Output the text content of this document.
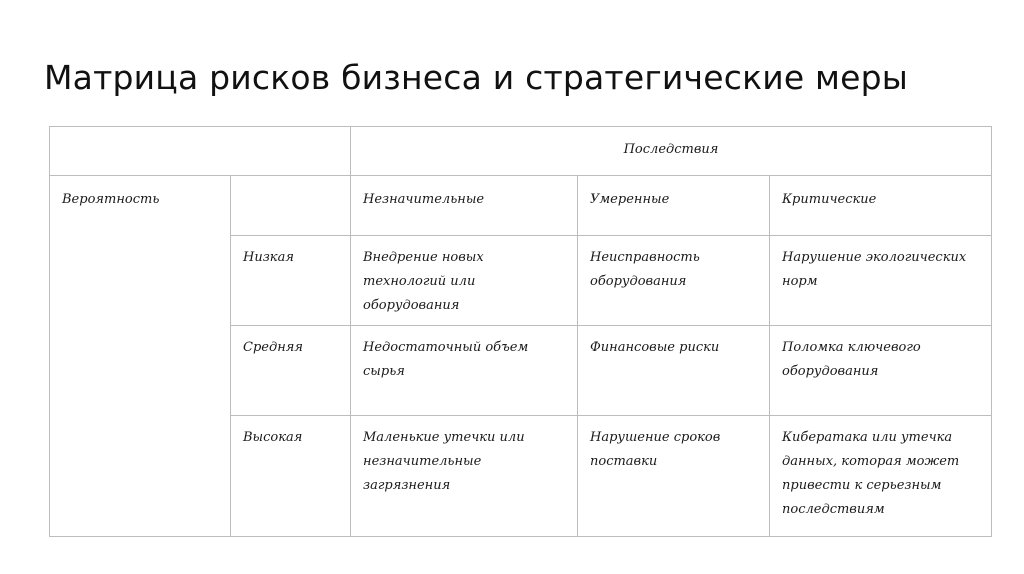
Матрица рисков бизнеса и стратегические меры
		Последствия		
Вероятность		Незначительные	Умеренные	Критические
	Низкая	Внедрение новых технологий или оборудования	Неисправность оборудования	Нарушение экологических норм
	Средняя	Недостаточный объем сырья	Финансовые риски	Поломка ключевого оборудования
	Высокая	Маленькие утечки или незначительные загрязнения	Нарушение сроков поставки	Кибератака или утечка данных, которая может привести к серьезным последствиям
